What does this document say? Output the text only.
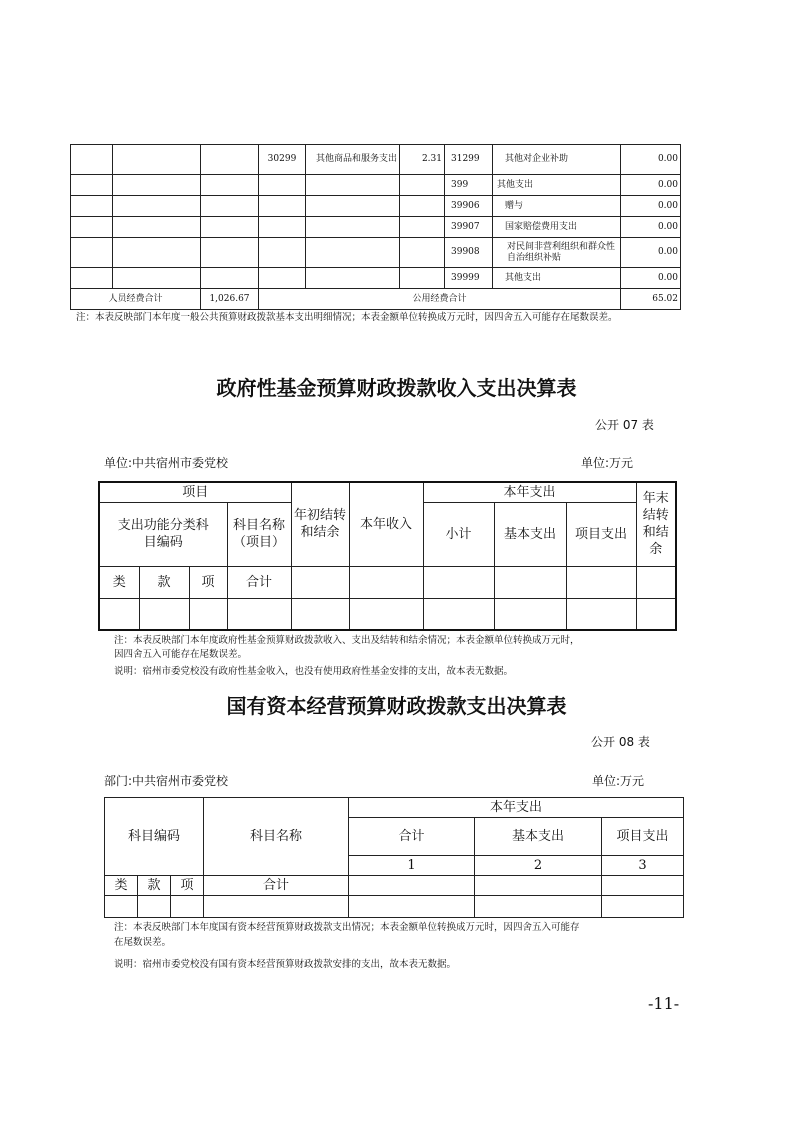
			30299	其他商品和服务支出	2.31	31299	其他对企业补助	0.00
						399	其他支出	0.00
						39906	赠与	0.00
						39907	国家赔偿费用支出	0.00
						39908	对民间非营利组织和群众性自治组织补贴	0.00
						39999	其他支出	0.00
人员经费合计		1,026.67	公用经费合计					65.02
注：本表反映部门本年度一般公共预算财政拨款基本支出明细情况；本表金额单位转换成万元时，因四舍五入可能存在尾数误差。
政府性基金预算财政拨款收入支出决算表
公开 07 表
单位:中共宿州市委党校	单位:万元
项目				年初结转和结余	本年收入	本年支出			年末结转和结余
支出功能分类科目编码			科目名称（项目）			小计	基本支出	项目支出	
类	款	项	合计						

注：本表反映部门本年度政府性基金预算财政拨款收入、支出及结转和结余情况；本表金额单位转换成万元时，
因四舍五入可能存在尾数误差。
说明：宿州市委党校没有政府性基金收入，也没有使用政府性基金安排的支出，故本表无数据。
国有资本经营预算财政拨款支出决算表
公开 08 表
部门:中共宿州市委党校	单位:万元
科目编码			科目名称	本年支出		
				合计	基本支出	项目支出
				1	2	3
类	款	项	合计			

注：本表反映部门本年度国有资本经营预算财政拨款支出情况；本表金额单位转换成万元时，因四舍五入可能存
在尾数误差。
说明：宿州市委党校没有国有资本经营预算财政拨款安排的支出，故本表无数据。
-11-
